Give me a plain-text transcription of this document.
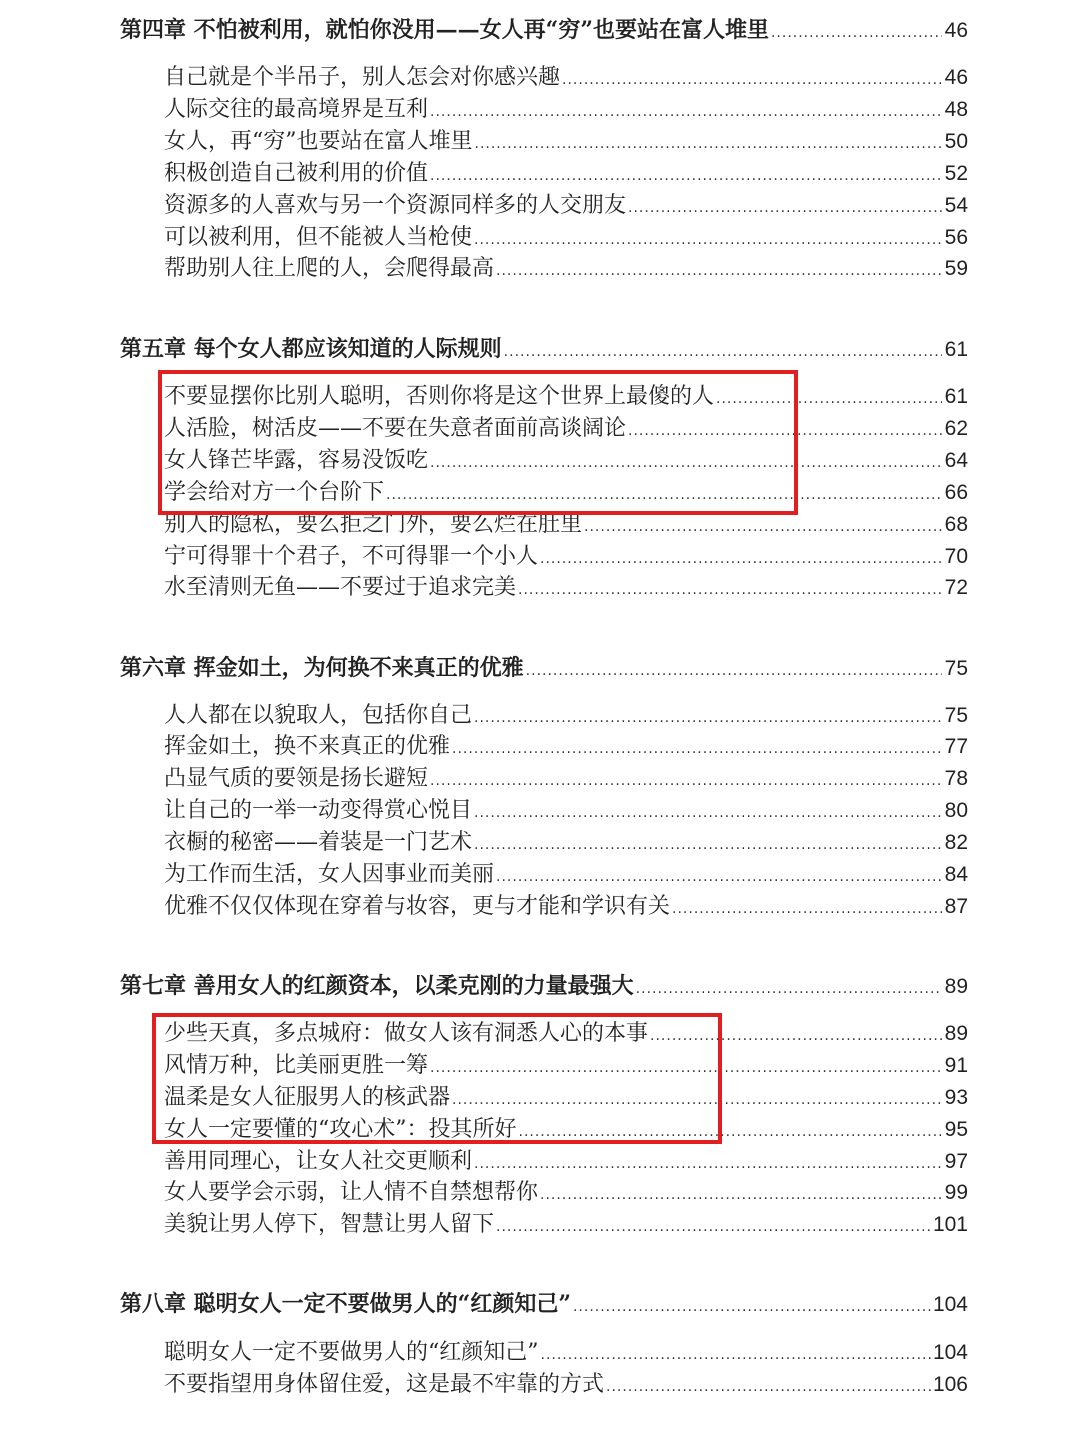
第四章 不怕被利用，就怕你没用——女人再“穷”也要站在富人堆里 .....	46
自己就是个半吊子，别人怎会对你感兴趣 .....	46
人际交往的最高境界是互利 .....	48
女人，再“穷”也要站在富人堆里 .....	50
积极创造自己被利用的价值 .....	52
资源多的人喜欢与另一个资源同样多的人交朋友 .....	54
可以被利用，但不能被人当枪使 .....	56
帮助别人往上爬的人，会爬得最高 .....	59
第五章 每个女人都应该知道的人际规则 .....	61
不要显摆你比别人聪明，否则你将是这个世界上最傻的人 .....	61
人活脸，树活皮——不要在失意者面前高谈阔论 .....	62
女人锋芒毕露，容易没饭吃 .....	64
学会给对方一个台阶下 .....	66
别人的隐私，要么拒之门外，要么烂在肚里 .....	68
宁可得罪十个君子，不可得罪一个小人 .....	70
水至清则无鱼——不要过于追求完美 .....	72
第六章 挥金如土，为何换不来真正的优雅 .....	75
人人都在以貌取人，包括你自己 .....	75
挥金如土，换不来真正的优雅 .....	77
凸显气质的要领是扬长避短 .....	78
让自己的一举一动变得赏心悦目 .....	80
衣橱的秘密——着装是一门艺术 .....	82
为工作而生活，女人因事业而美丽 .....	84
优雅不仅仅体现在穿着与妆容，更与才能和学识有关 .....	87
第七章 善用女人的红颜资本，以柔克刚的力量最强大 .....	89
少些天真，多点城府：做女人该有洞悉人心的本事 .....	89
风情万种，比美丽更胜一筹 .....	91
温柔是女人征服男人的核武器 .....	93
女人一定要懂的“攻心术”：投其所好 .....	95
善用同理心，让女人社交更顺利 .....	97
女人要学会示弱，让人情不自禁想帮你 .....	99
美貌让男人停下，智慧让男人留下 .....	101
第八章 聪明女人一定不要做男人的“红颜知己” .....	104
聪明女人一定不要做男人的“红颜知己” .....	104
不要指望用身体留住爱，这是最不牢靠的方式 .....	106
